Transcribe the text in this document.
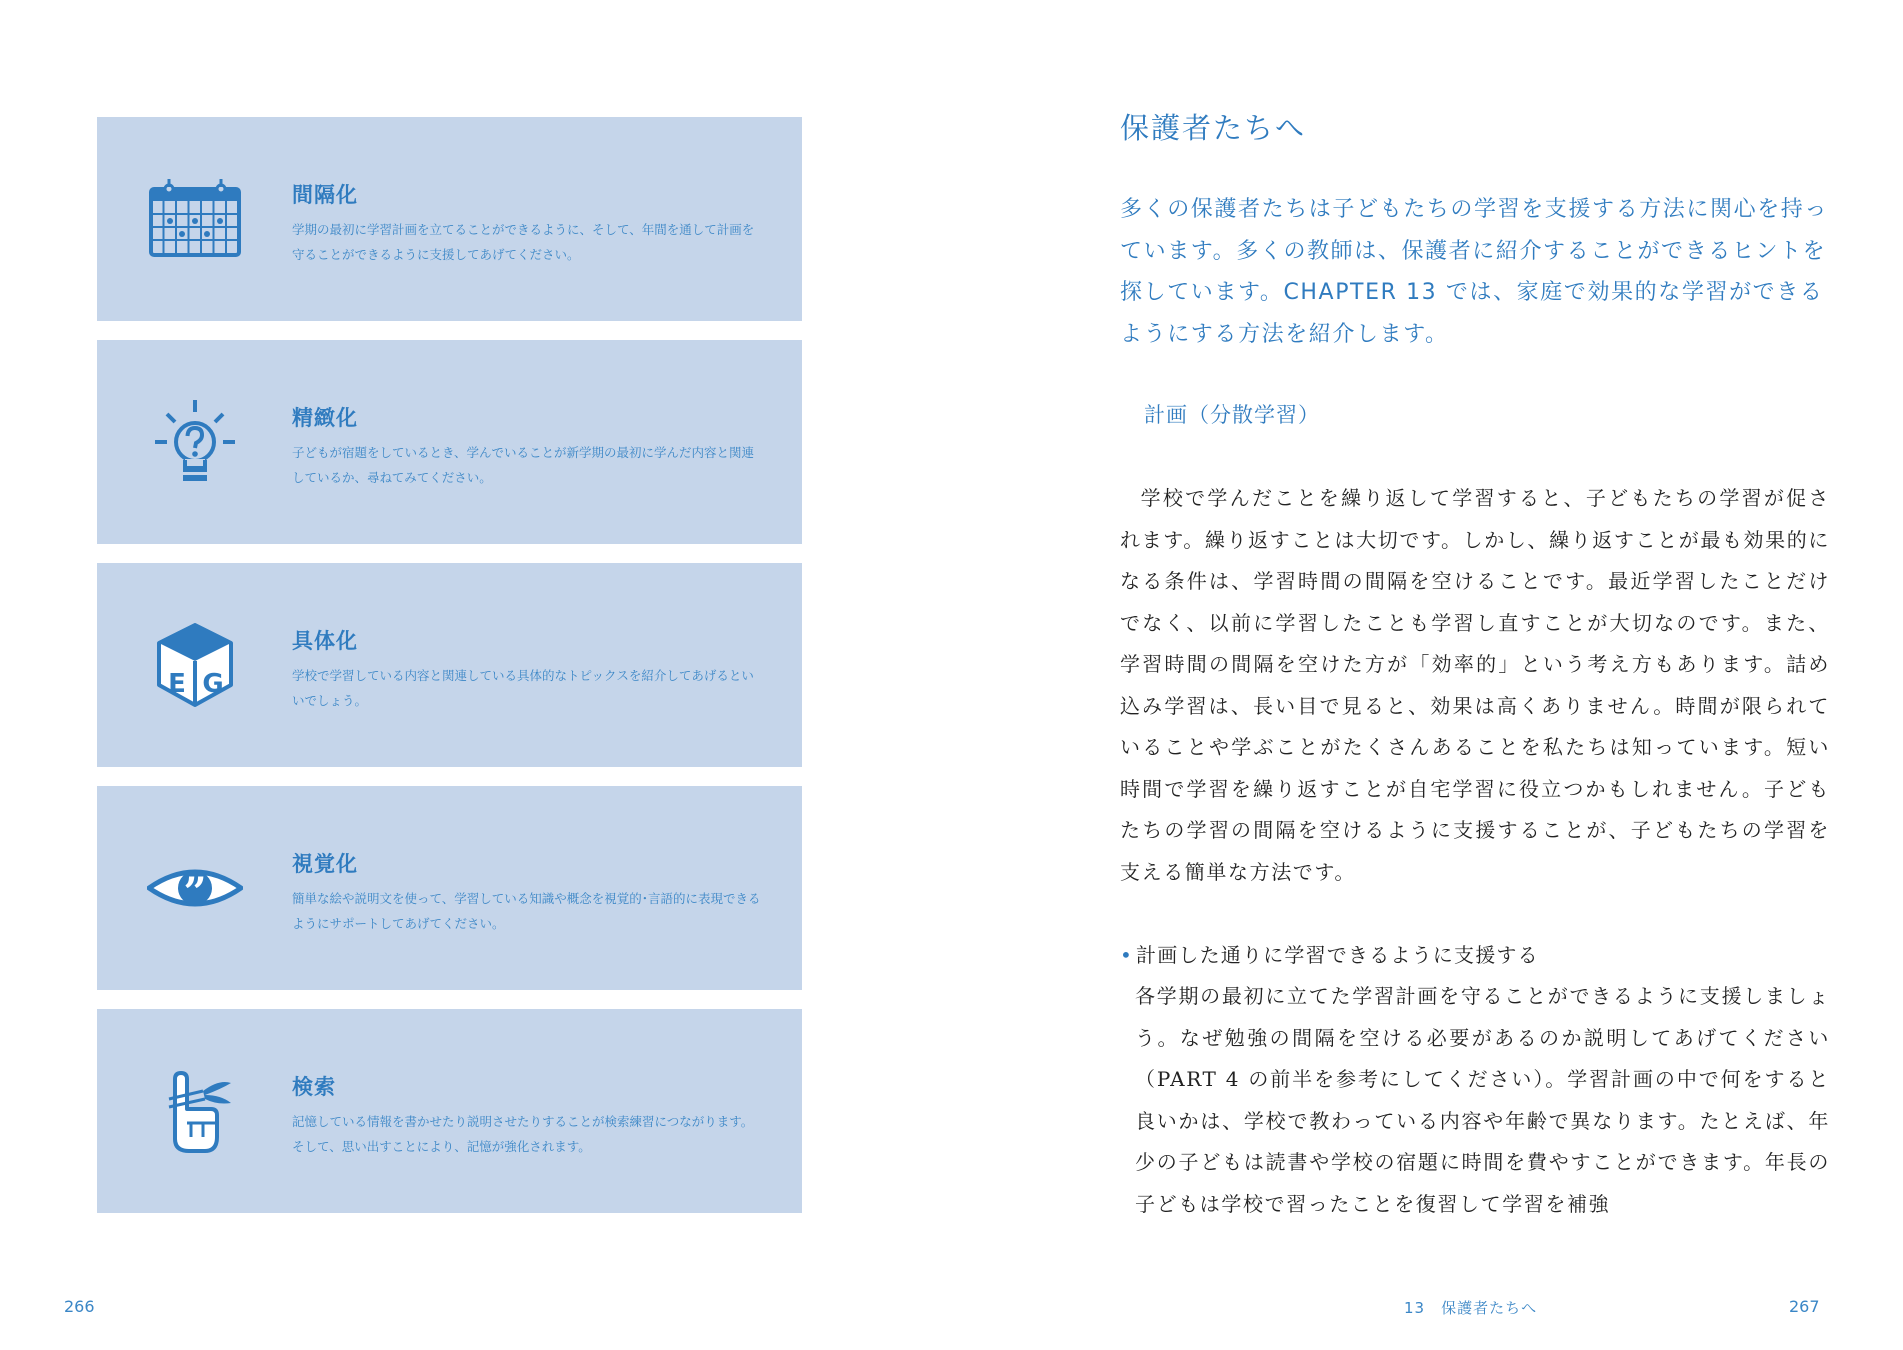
間隔化
学期の最初に学習計画を立てることができるように、そして、年間を通して計画を守ることができるように支援してあげてください。
精緻化
子どもが宿題をしているとき、学んでいることが新学期の最初に学んだ内容と関連しているか、尋ねてみてください。
E G
具体化
学校で学習している内容と関連している具体的なトピックスを紹介してあげるといいでしょう。
”
視覚化
簡単な絵や説明文を使って、学習している知識や概念を視覚的･言語的に表現できるようにサポートしてあげてください。
検索
記憶している情報を書かせたり説明させたりすることが検索練習につながります。そして、思い出すことにより、記憶が強化されます。
266
保護者たちへ
多くの保護者たちは子どもたちの学習を支援する方法に関心を持っています。多くの教師は、保護者に紹介することができるヒントを探しています。CHAPTER 13 では、家庭で効果的な学習ができるようにする方法を紹介します。
計画（分散学習）
学校で学んだことを繰り返して学習すると、子どもたちの学習が促されます。繰り返すことは大切です。しかし、繰り返すことが最も効果的になる条件は、学習時間の間隔を空けることです。最近学習したことだけでなく、以前に学習したことも学習し直すことが大切なのです。また、学習時間の間隔を空けた方が「効率的」という考え方もあります。詰め込み学習は、長い目で見ると、効果は高くありません。時間が限られていることや学ぶことがたくさんあることを私たちは知っています。短い時間で学習を繰り返すことが自宅学習に役立つかもしれません。子どもたちの学習の間隔を空けるように支援することが、子どもたちの学習を支える簡単な方法です。
• 計画した通りに学習できるように支援する
各学期の最初に立てた学習計画を守ることができるように支援しましょう。なぜ勉強の間隔を空ける必要があるのか説明してあげてください（PART 4 の前半を参考にしてください）。学習計画の中で何をすると良いかは、学校で教わっている内容や年齢で異なります。たとえば、年少の子どもは読書や学校の宿題に時間を費やすことができます。年長の子どもは学校で習ったことを復習して学習を補強
13　保護者たちへ	267
